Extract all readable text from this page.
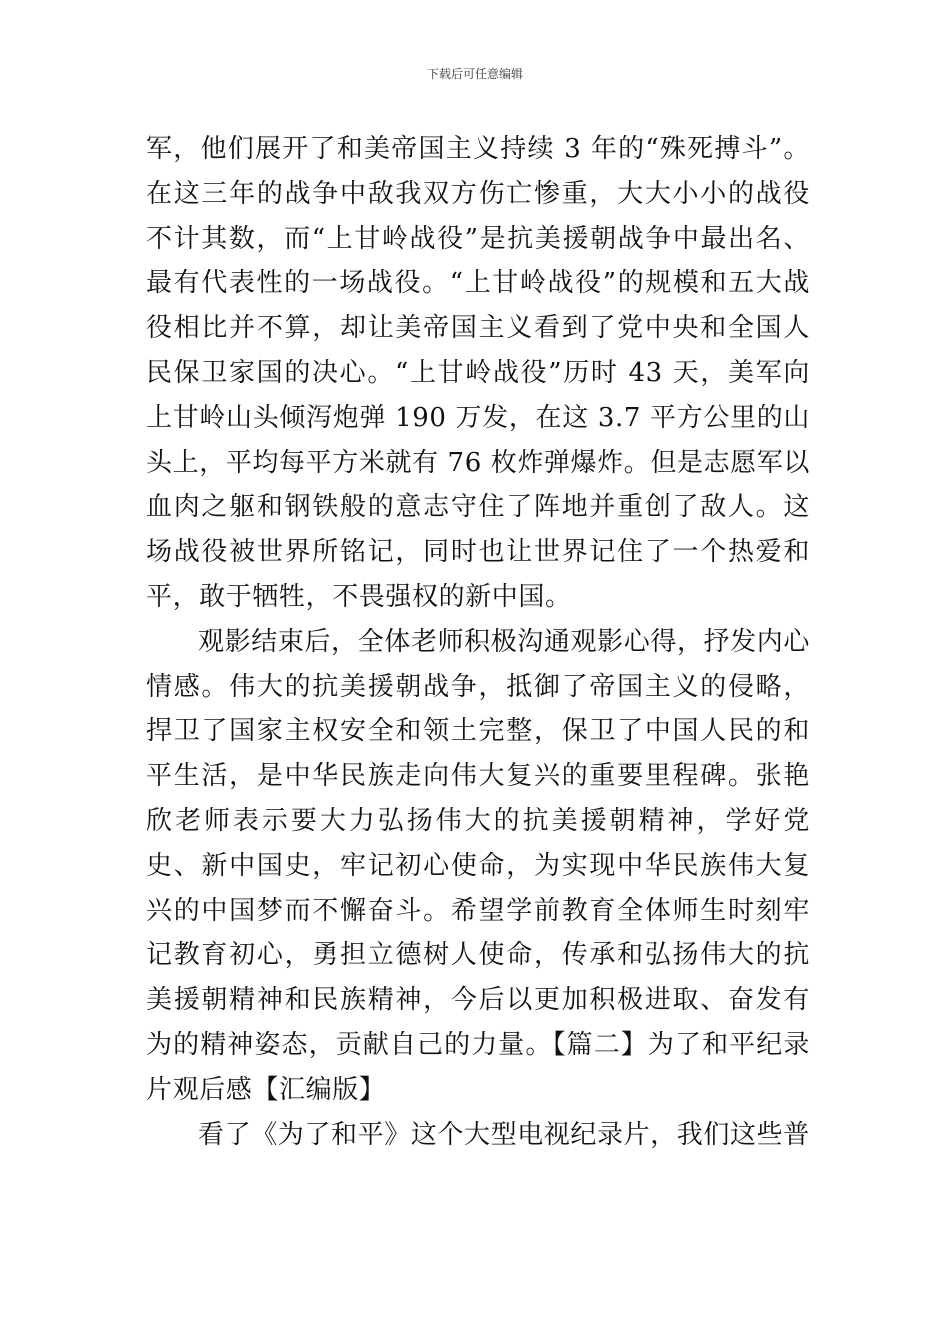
下载后可任意编辑

军，他们展开了和美帝国主义持续 3 年的“殊死搏斗”。在这三年的战争中敌我双方伤亡惨重，大大小小的战役不计其数，而“上甘岭战役”是抗美援朝战争中最出名、最有代表性的一场战役。“上甘岭战役”的规模和五大战役相比并不算，却让美帝国主义看到了党中央和全国人民保卫家国的决心。“上甘岭战役”历时 43 天，美军向上甘岭山头倾泻炮弹 190 万发，在这 3.7 平方公里的山头上，平均每平方米就有 76 枚炸弹爆炸。但是志愿军以血肉之躯和钢铁般的意志守住了阵地并重创了敌人。这场战役被世界所铭记，同时也让世界记住了一个热爱和平，敢于牺牲，不畏强权的新中国。

观影结束后，全体老师积极沟通观影心得，抒发内心情感。伟大的抗美援朝战争，抵御了帝国主义的侵略，捍卫了国家主权安全和领土完整，保卫了中国人民的和平生活，是中华民族走向伟大复兴的重要里程碑。张艳欣老师表示要大力弘扬伟大的抗美援朝精神，学好党史、新中国史，牢记初心使命，为实现中华民族伟大复兴的中国梦而不懈奋斗。希望学前教育全体师生时刻牢记教育初心，勇担立德树人使命，传承和弘扬伟大的抗美援朝精神和民族精神，今后以更加积极进取、奋发有为的精神姿态，贡献自己的力量。【篇二】为了和平纪录片观后感【汇编版】

看了《为了和平》这个大型电视纪录片，我们这些普
